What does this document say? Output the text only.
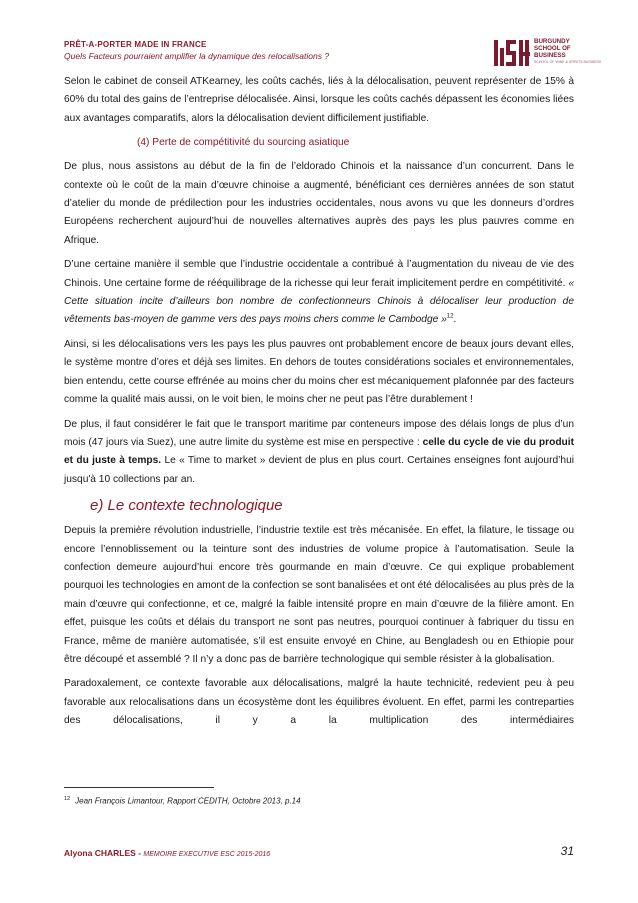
PRÊT-A-PORTER MADE IN FRANCE
Quels Facteurs pourraient amplifier la dynamique des relocalisations ?
BURGUNDY
SCHOOL OF
BUSINESS
SCHOOL OF WINE & SPIRITS BUSINESS

Selon le cabinet de conseil ATKearney, les coûts cachés, liés à la délocalisation, peuvent représenter de 15% à 60% du total des gains de l’entreprise délocalisée. Ainsi, lorsque les coûts cachés dépassent les économies liées aux avantages comparatifs, alors la délocalisation devient difficilement justifiable.

(4) Perte de compétitivité du sourcing asiatique

De plus, nous assistons au début de la fin de l’eldorado Chinois et la naissance d’un concurrent. Dans le contexte où le coût de la main d’œuvre chinoise a augmenté, bénéficiant ces dernières années de son statut d’atelier du monde de prédilection pour les industries occidentales, nous avons vu que les donneurs d’ordres Européens recherchent aujourd’hui de nouvelles alternatives auprès des pays les plus pauvres comme en Afrique.

D’une certaine manière il semble que l’industrie occidentale a contribué à l’augmentation du niveau de vie des Chinois. Une certaine forme de rééquilibrage de la richesse qui leur ferait implicitement perdre en compétitivité. « Cette situation incite d’ailleurs bon nombre de confectionneurs Chinois à délocaliser leur production de vêtements bas-moyen de gamme vers des pays moins chers comme le Cambodge »$^{12}$.

Ainsi, si les délocalisations vers les pays les plus pauvres ont probablement encore de beaux jours devant elles, le système montre d’ores et déjà ses limites. En dehors de toutes considérations sociales et environnementales, bien entendu, cette course effrénée au moins cher du moins cher est mécaniquement plafonnée par des facteurs comme la qualité mais aussi, on le voit bien, le moins cher ne peut pas l’être durablement !

De plus, il faut considérer le fait que le transport maritime par conteneurs impose des délais longs de plus d’un mois (47 jours via Suez), une autre limite du système est mise en perspective : celle du cycle de vie du produit et du juste à temps. Le « Time to market » devient de plus en plus court. Certaines enseignes font aujourd’hui jusqu'à 10 collections par an.

e) Le contexte technologique

Depuis la première révolution industrielle, l’industrie textile est très mécanisée. En effet, la filature, le tissage ou encore l’ennoblissement ou la teinture sont des industries de volume propice à l’automatisation. Seule la confection demeure aujourd’hui encore très gourmande en main d’œuvre. Ce qui explique probablement pourquoi les technologies en amont de la confection se sont banalisées et ont été délocalisées au plus près de la main d’œuvre qui confectionne, et ce, malgré la faible intensité propre en main d’œuvre de la filière amont. En effet, puisque les coûts et délais du transport ne sont pas neutres, pourquoi continuer à fabriquer du tissu en France, même de manière automatisée, s’il est ensuite envoyé en Chine, au Bengladesh ou en Ethiopie pour être découpé et assemblé ? Il n’y a donc pas de barrière technologique qui semble résister à la globalisation.

Paradoxalement, ce contexte favorable aux délocalisations, malgré la haute technicité, redevient peu à peu favorable aux relocalisations dans un écosystème dont les équilibres évoluent. En effet, parmi les contreparties des délocalisations, il y a la multiplication des intermédiaires

$^{12}$ Jean François Limantour, Rapport CEDITH, Octobre 2013, p.14
Alyona CHARLES - MEMOIRE EXECUTIVE ESC 2015-2016	31
